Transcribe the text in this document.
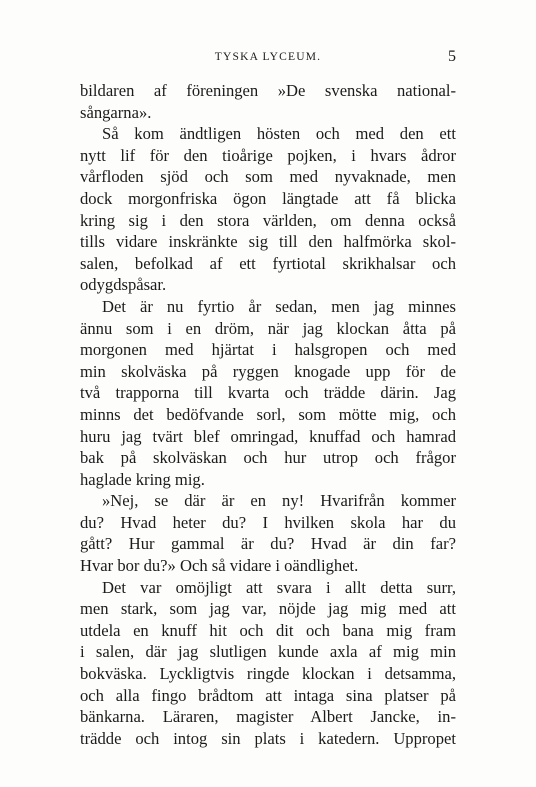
TYSKA LYCEUM.	5
bildaren af föreningen »De svenska national-
sångarna».
Så kom ändtligen hösten och med den ett
nytt lif för den tioårige pojken, i hvars ådror
vårfloden sjöd och som med nyvaknade, men
dock morgonfriska ögon längtade att få blicka
kring sig i den stora världen, om denna också
tills vidare inskränkte sig till den halfmörka skol-
salen, befolkad af ett fyrtiotal skrikhalsar och
odygdspåsar.
Det är nu fyrtio år sedan, men jag minnes
ännu som i en dröm, när jag klockan åtta på
morgonen med hjärtat i halsgropen och med
min skolväska på ryggen knogade upp för de
två trapporna till kvarta och trädde därin. Jag
minns det bedöfvande sorl, som mötte mig, och
huru jag tvärt blef omringad, knuffad och hamrad
bak på skolväskan och hur utrop och frågor
haglade kring mig.
»Nej, se där är en ny! Hvarifrån kommer
du? Hvad heter du? I hvilken skola har du
gått? Hur gammal är du? Hvad är din far?
Hvar bor du?» Och så vidare i oändlighet.
Det var omöjligt att svara i allt detta surr,
men stark, som jag var, nöjde jag mig med att
utdela en knuff hit och dit och bana mig fram
i salen, där jag slutligen kunde axla af mig min
bokväska. Lyckligtvis ringde klockan i detsamma,
och alla fingo brådtom att intaga sina platser på
bänkarna. Läraren, magister Albert Jancke, in-
trädde och intog sin plats i katedern. Uppropet
